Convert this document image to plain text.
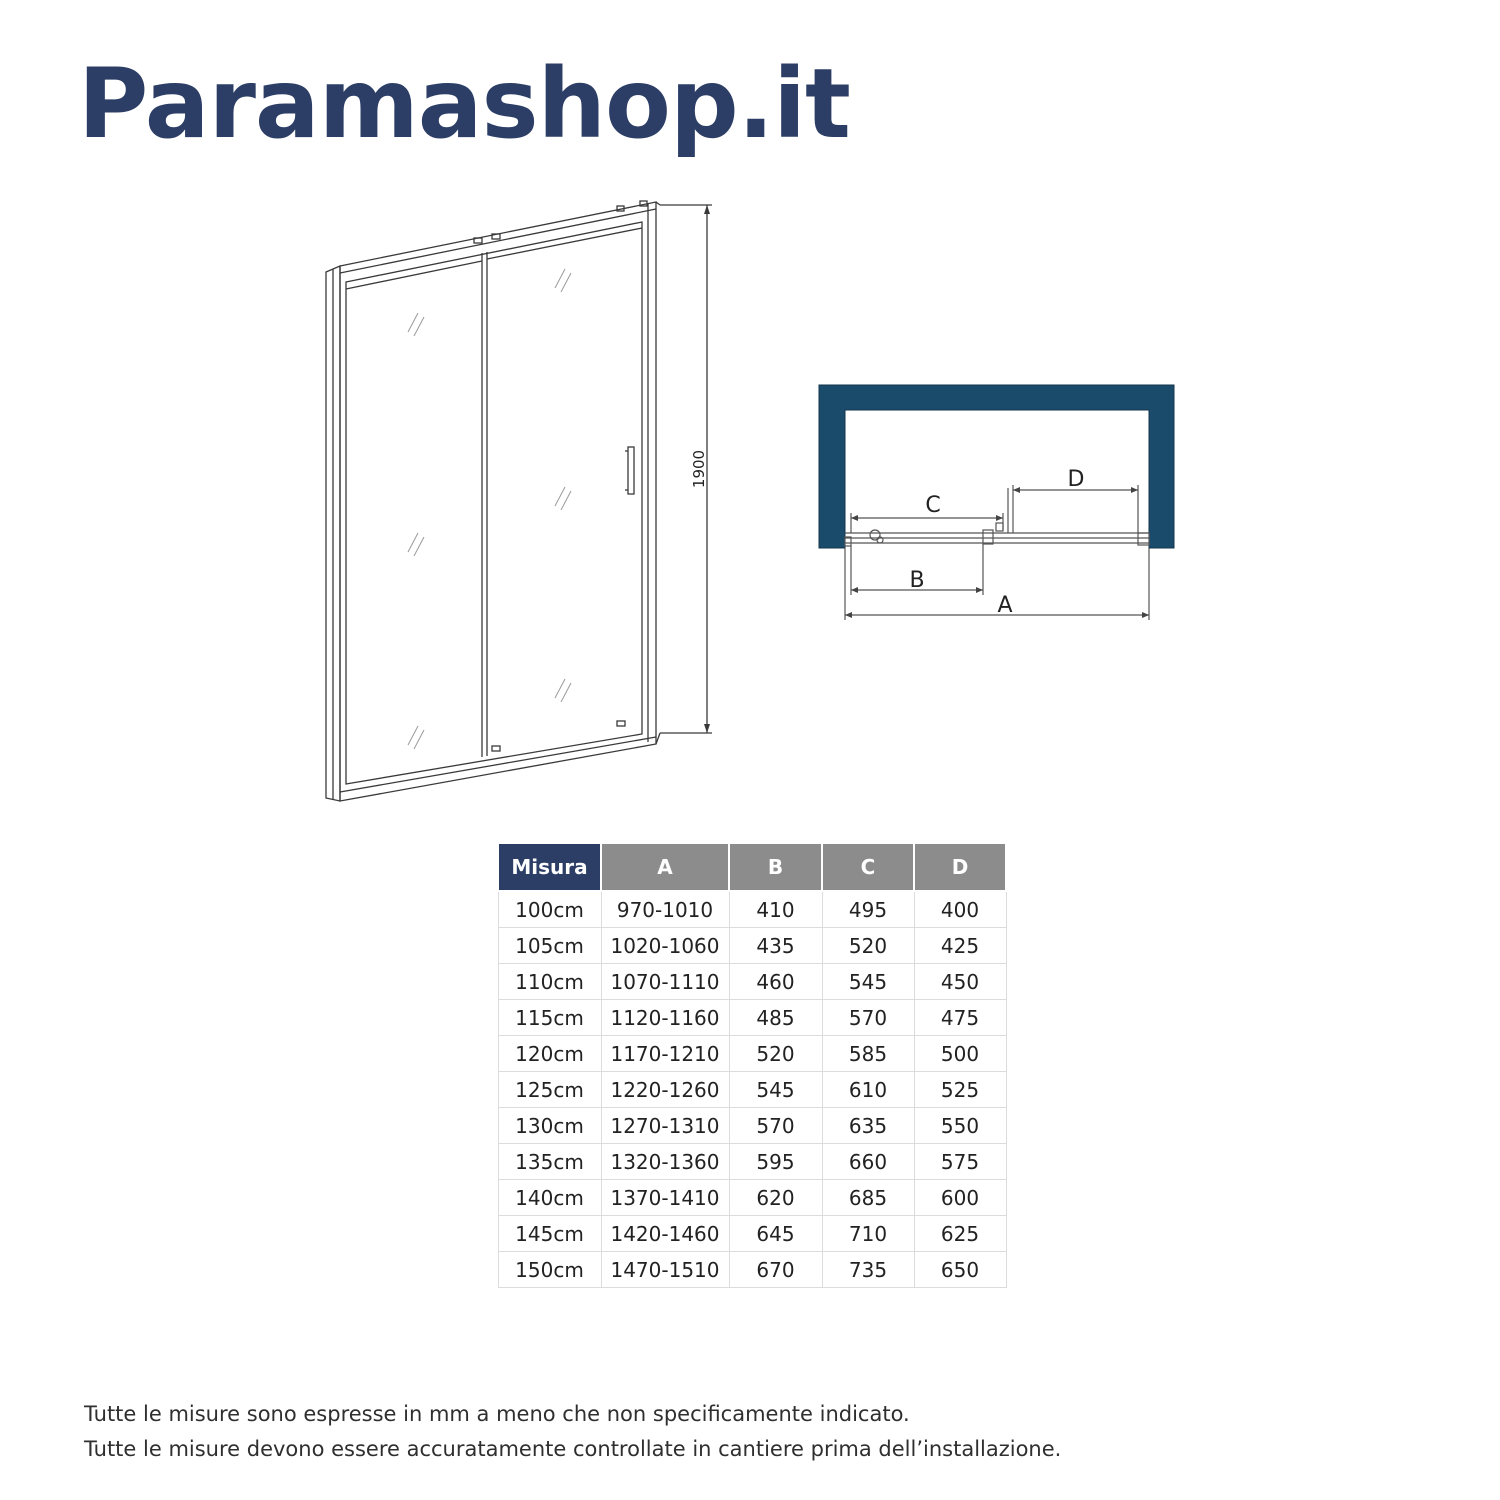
Paramashop.it
1900
C
D
B
A
Misura	A	B	C	D
100cm	970-1010	410	495	400
105cm	1020-1060	435	520	425
110cm	1070-1110	460	545	450
115cm	1120-1160	485	570	475
120cm	1170-1210	520	585	500
125cm	1220-1260	545	610	525
130cm	1270-1310	570	635	550
135cm	1320-1360	595	660	575
140cm	1370-1410	620	685	600
145cm	1420-1460	645	710	625
150cm	1470-1510	670	735	650

Tutte le misure sono espresse in mm a meno che non specificamente indicato.

Tutte le misure devono essere accuratamente controllate in cantiere prima dell’installazione.
